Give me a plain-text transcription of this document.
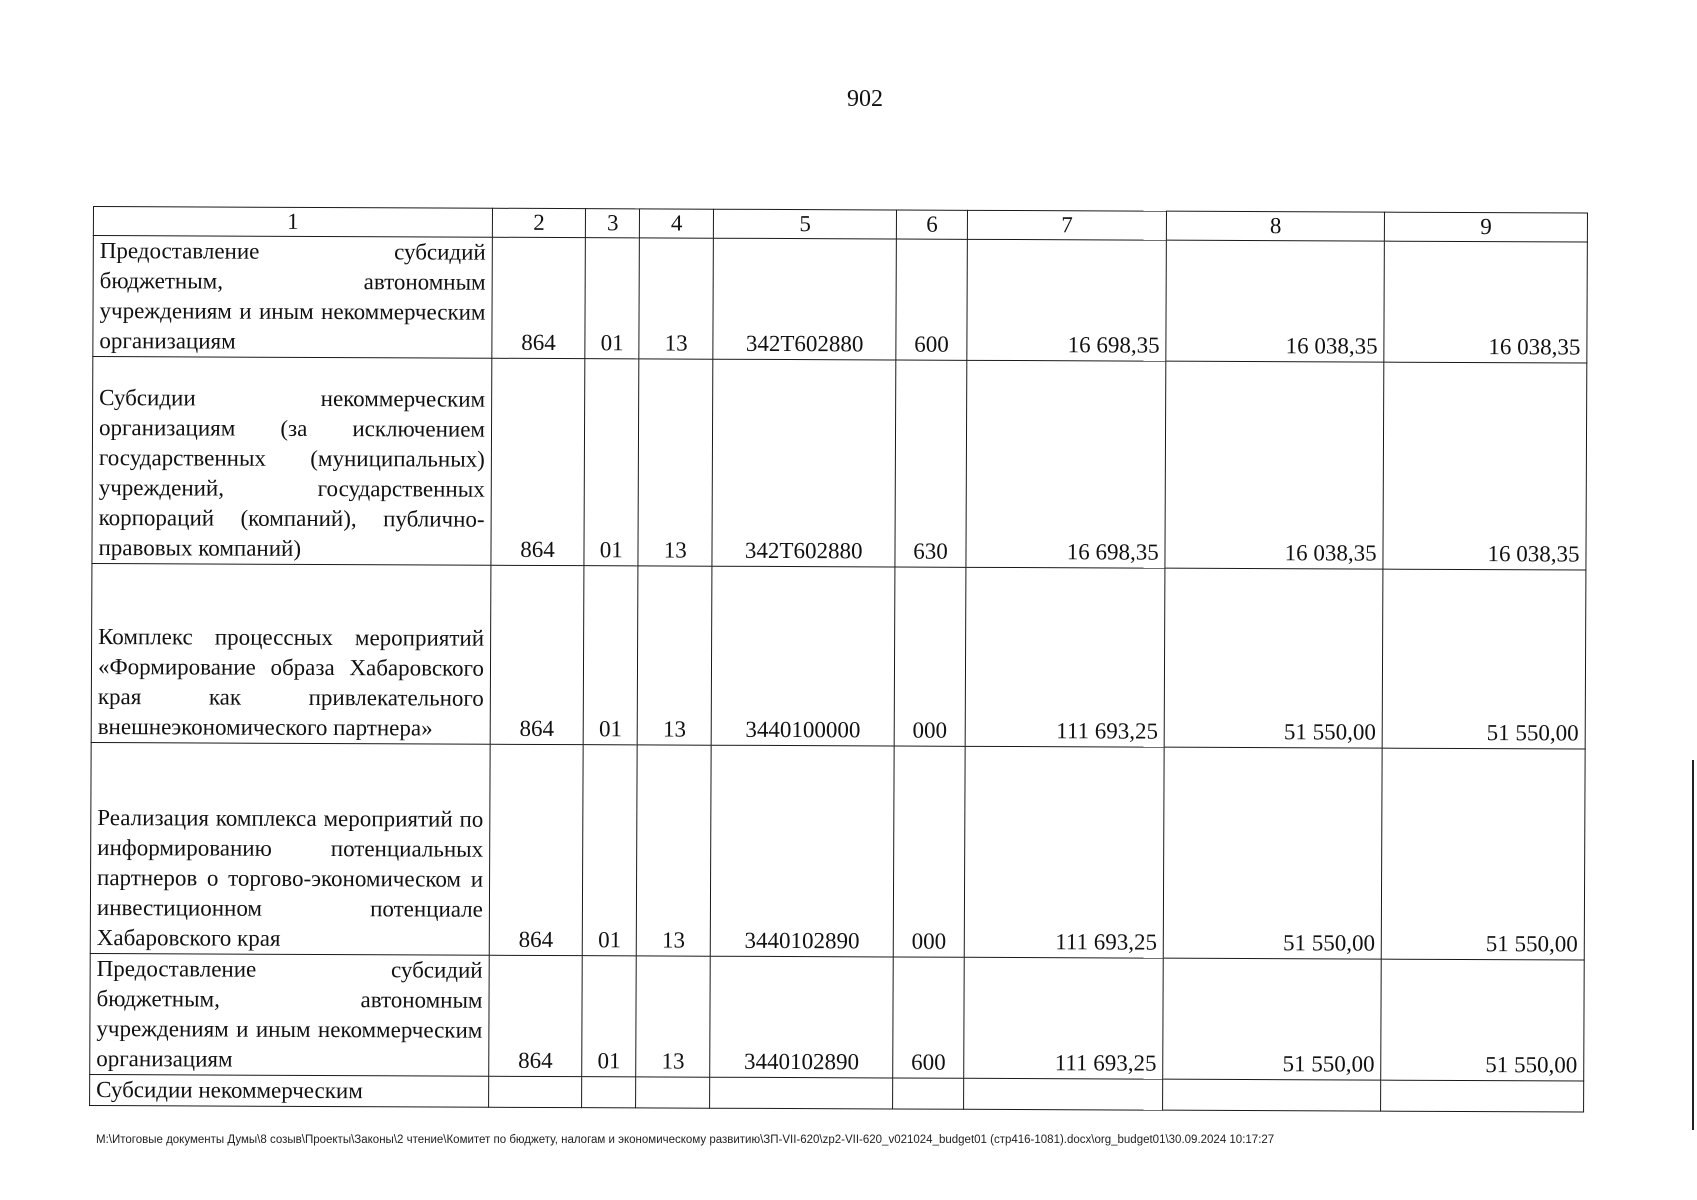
902
1	2	3	4	5	6	7	8	9
Предоставление субсидий бюджетным, автономным учреждениям и иным некоммерческим организациям	864	01	13	342Т602880	600	16 698,35	16 038,35	16 038,35
Субсидии некоммерческим организациям (за исключением государственных (муниципальных) учреждений, государственных корпораций (компаний), публично-правовых компаний)	864	01	13	342Т602880	630	16 698,35	16 038,35	16 038,35
Комплекс процессных мероприятий «Формирование образа Хабаровского края как привлекательного внешнеэкономического партнера»	864	01	13	3440100000	000	111 693,25	51 550,00	51 550,00
Реализация комплекса мероприятий по информированию потенциальных партнеров о торгово-экономическом и инвестиционном потенциале Хабаровского края	864	01	13	3440102890	000	111 693,25	51 550,00	51 550,00
Предоставление субсидий бюджетным, автономным учреждениям и иным некоммерческим организациям	864	01	13	3440102890	600	111 693,25	51 550,00	51 550,00
Субсидии некоммерческим								
M:\Итоговые документы Думы\8 созыв\Проекты\Законы\2 чтение\Комитет по бюджету, налогам и экономическому развитию\ЗП-VII-620\zp2-VII-620_v021024_budget01 (стр416-1081).docx\org_budget01\30.09.2024 10:17:27
